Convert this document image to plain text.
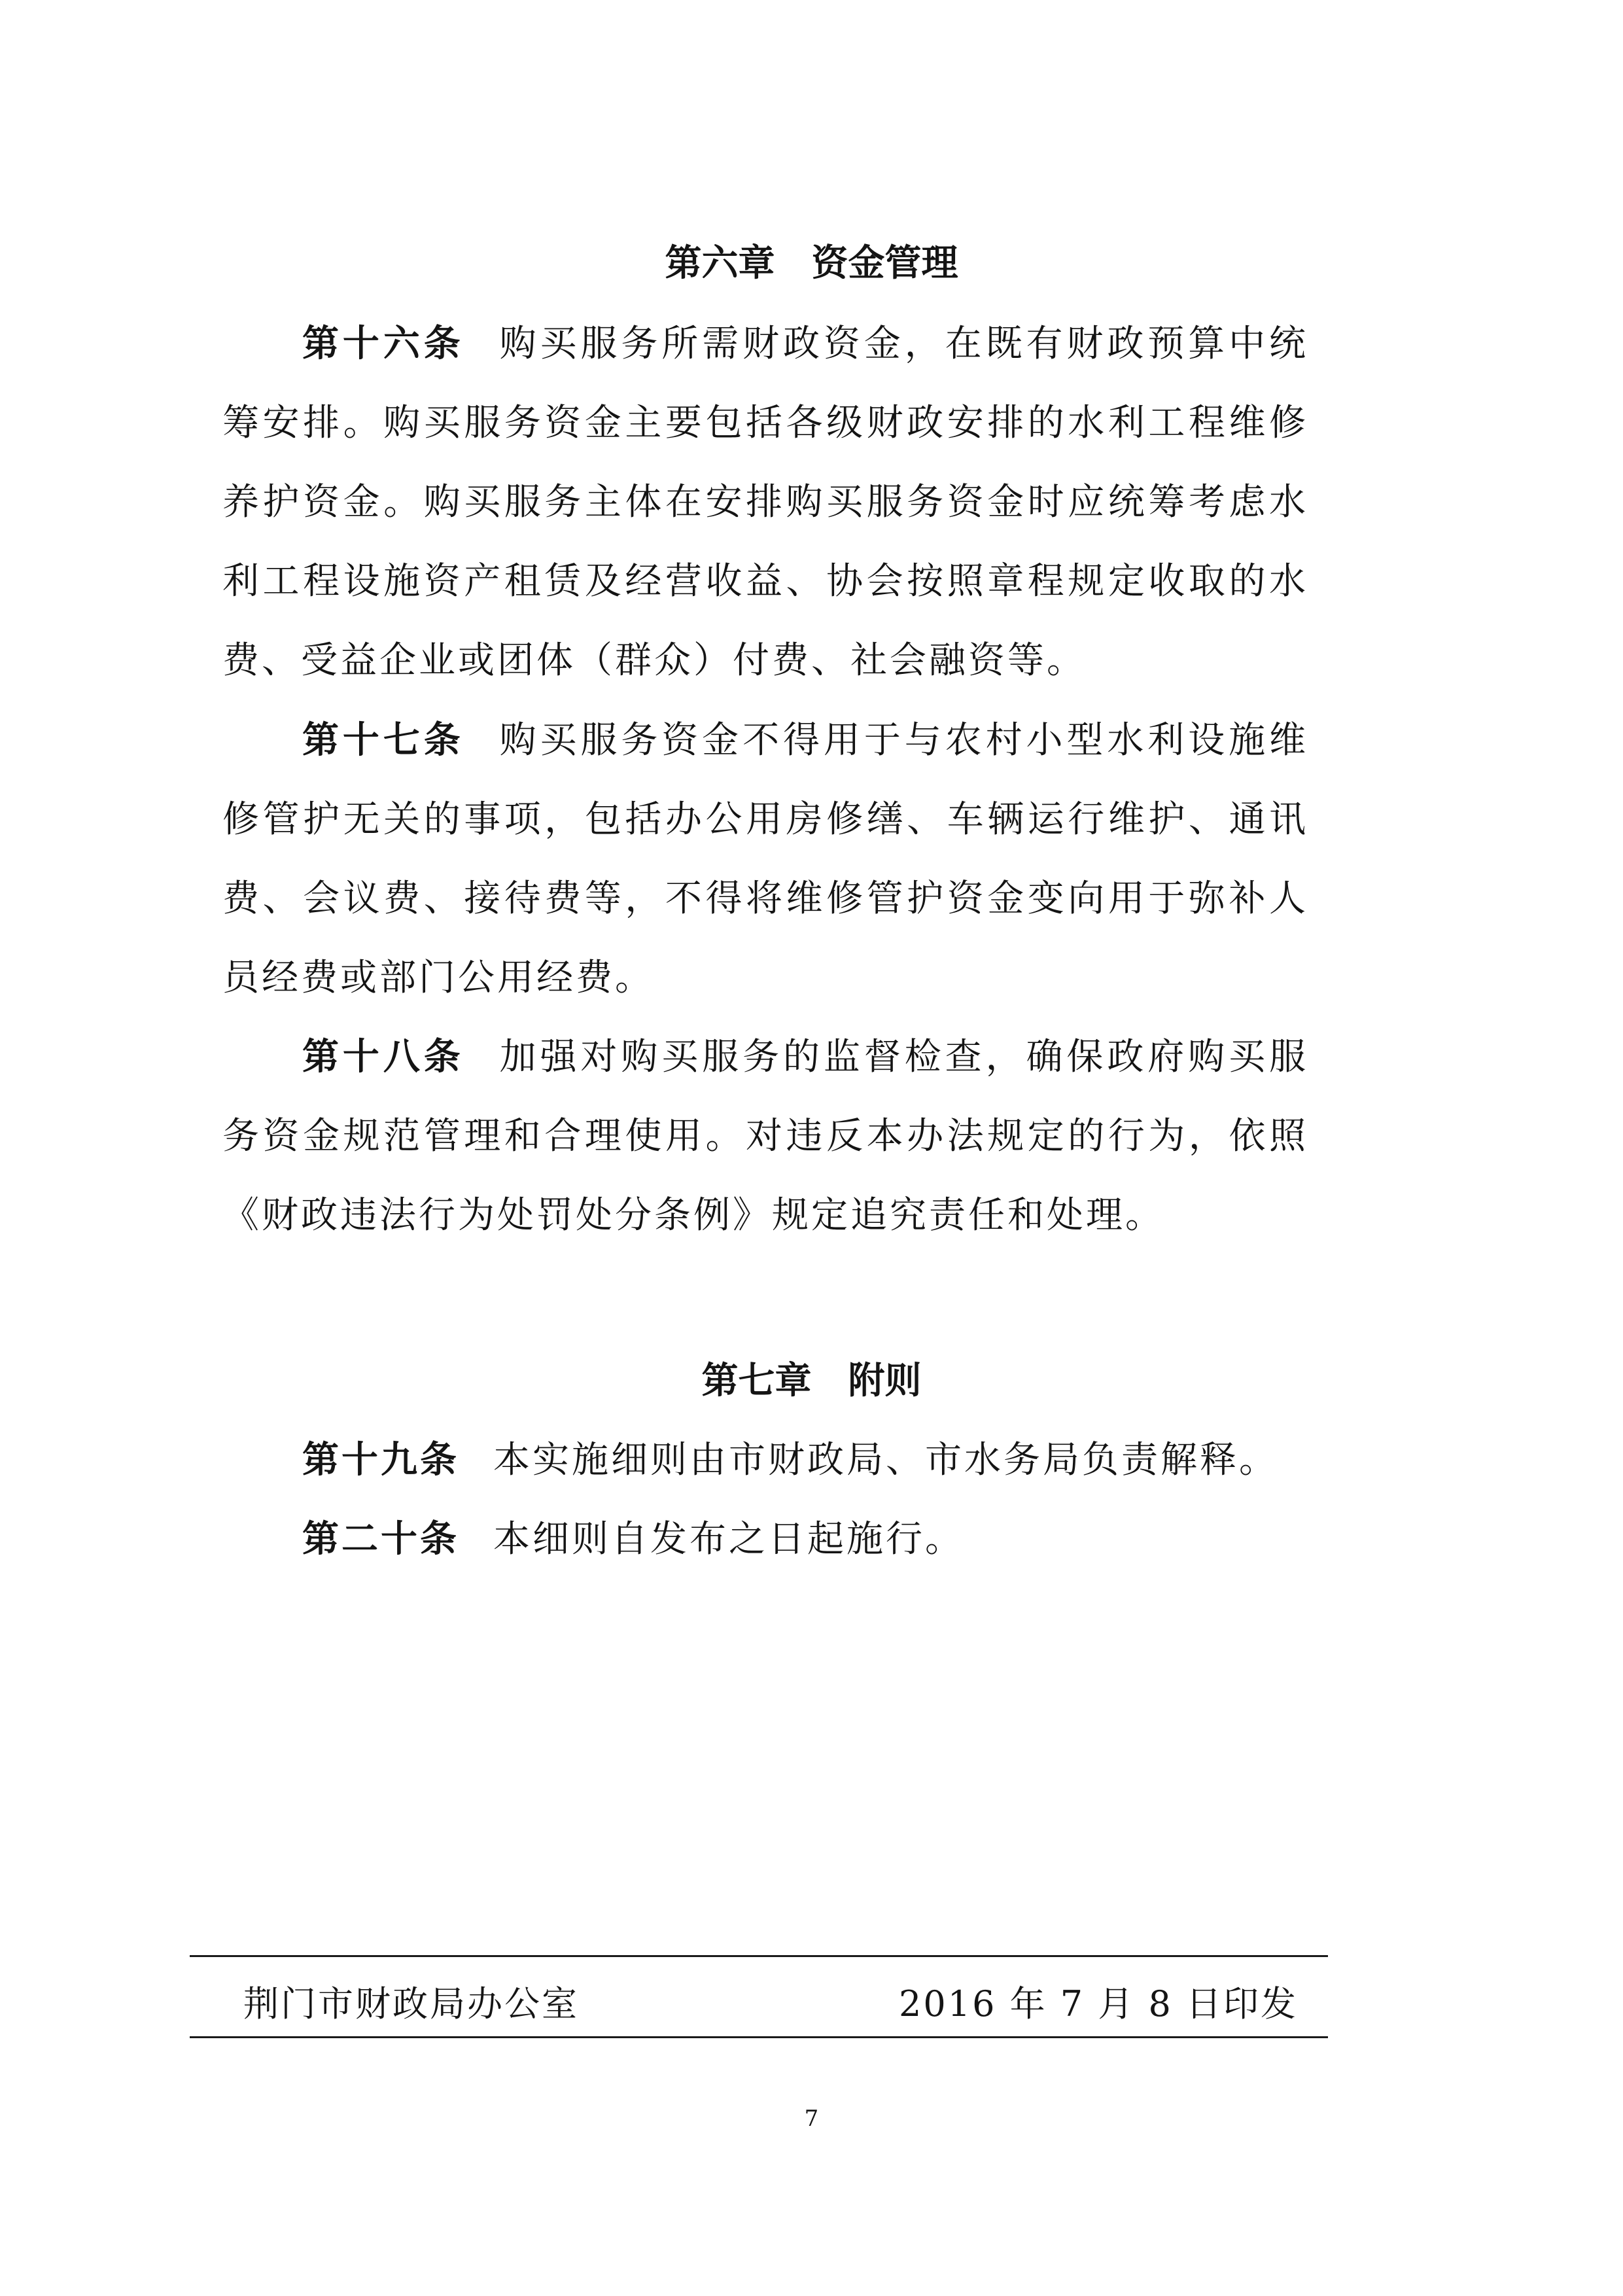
第六章 资金管理

第十六条 购买服务所需财政资金，在既有财政预算中统筹安排。购买服务资金主要包括各级财政安排的水利工程维修养护资金。购买服务主体在安排购买服务资金时应统筹考虑水利工程设施资产租赁及经营收益、协会按照章程规定收取的水费、受益企业或团体（群众）付费、社会融资等。

第十七条 购买服务资金不得用于与农村小型水利设施维修管护无关的事项，包括办公用房修缮、车辆运行维护、通讯费、会议费、接待费等，不得将维修管护资金变向用于弥补人员经费或部门公用经费。

第十八条 加强对购买服务的监督检查，确保政府购买服务资金规范管理和合理使用。对违反本办法规定的行为，依照《财政违法行为处罚处分条例》规定追究责任和处理。

第七章 附则

第十九条 本实施细则由市财政局、市水务局负责解释。

第二十条 本细则自发布之日起施行。

荆门市财政局办公室	2016 年 7 月 8 日印发

7
